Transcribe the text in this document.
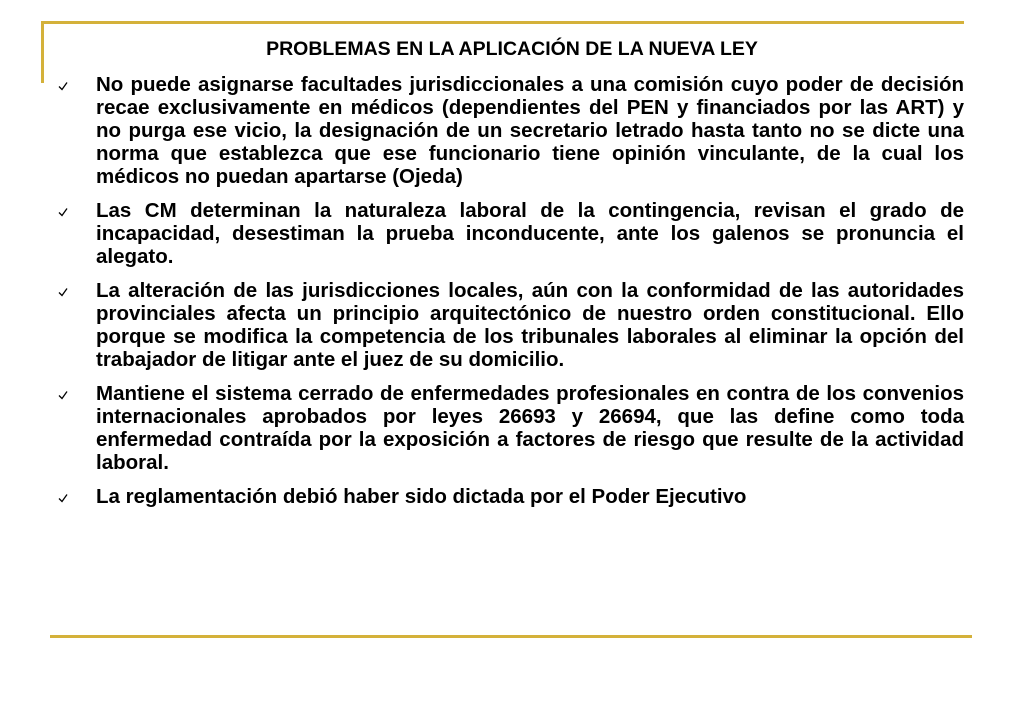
PROBLEMAS EN LA APLICACIÓN DE LA NUEVA LEY
No puede asignarse facultades jurisdiccionales a una comisión cuyo poder de decisión recae exclusivamente en médicos (dependientes del PEN y financiados por las ART) y no purga ese vicio, la designación de un secretario letrado hasta tanto no se dicte una norma que establezca que ese funcionario tiene opinión vinculante, de la cual los médicos no puedan apartarse (Ojeda)
Las CM determinan la naturaleza laboral de la contingencia, revisan el grado de incapacidad, desestiman la prueba inconducente, ante los galenos se pronuncia el alegato.
La alteración de las jurisdicciones locales, aún con la conformidad de las autoridades provinciales afecta un principio arquitectónico de nuestro orden constitucional. Ello porque se modifica la competencia de los tribunales laborales al eliminar la opción del trabajador de litigar ante el juez de su domicilio.
Mantiene el sistema cerrado de enfermedades profesionales en contra de los convenios internacionales aprobados por leyes 26693 y 26694, que las define como toda enfermedad contraída por la exposición a factores de riesgo que resulte de la actividad laboral.
La reglamentación debió haber sido dictada por el Poder Ejecutivo
